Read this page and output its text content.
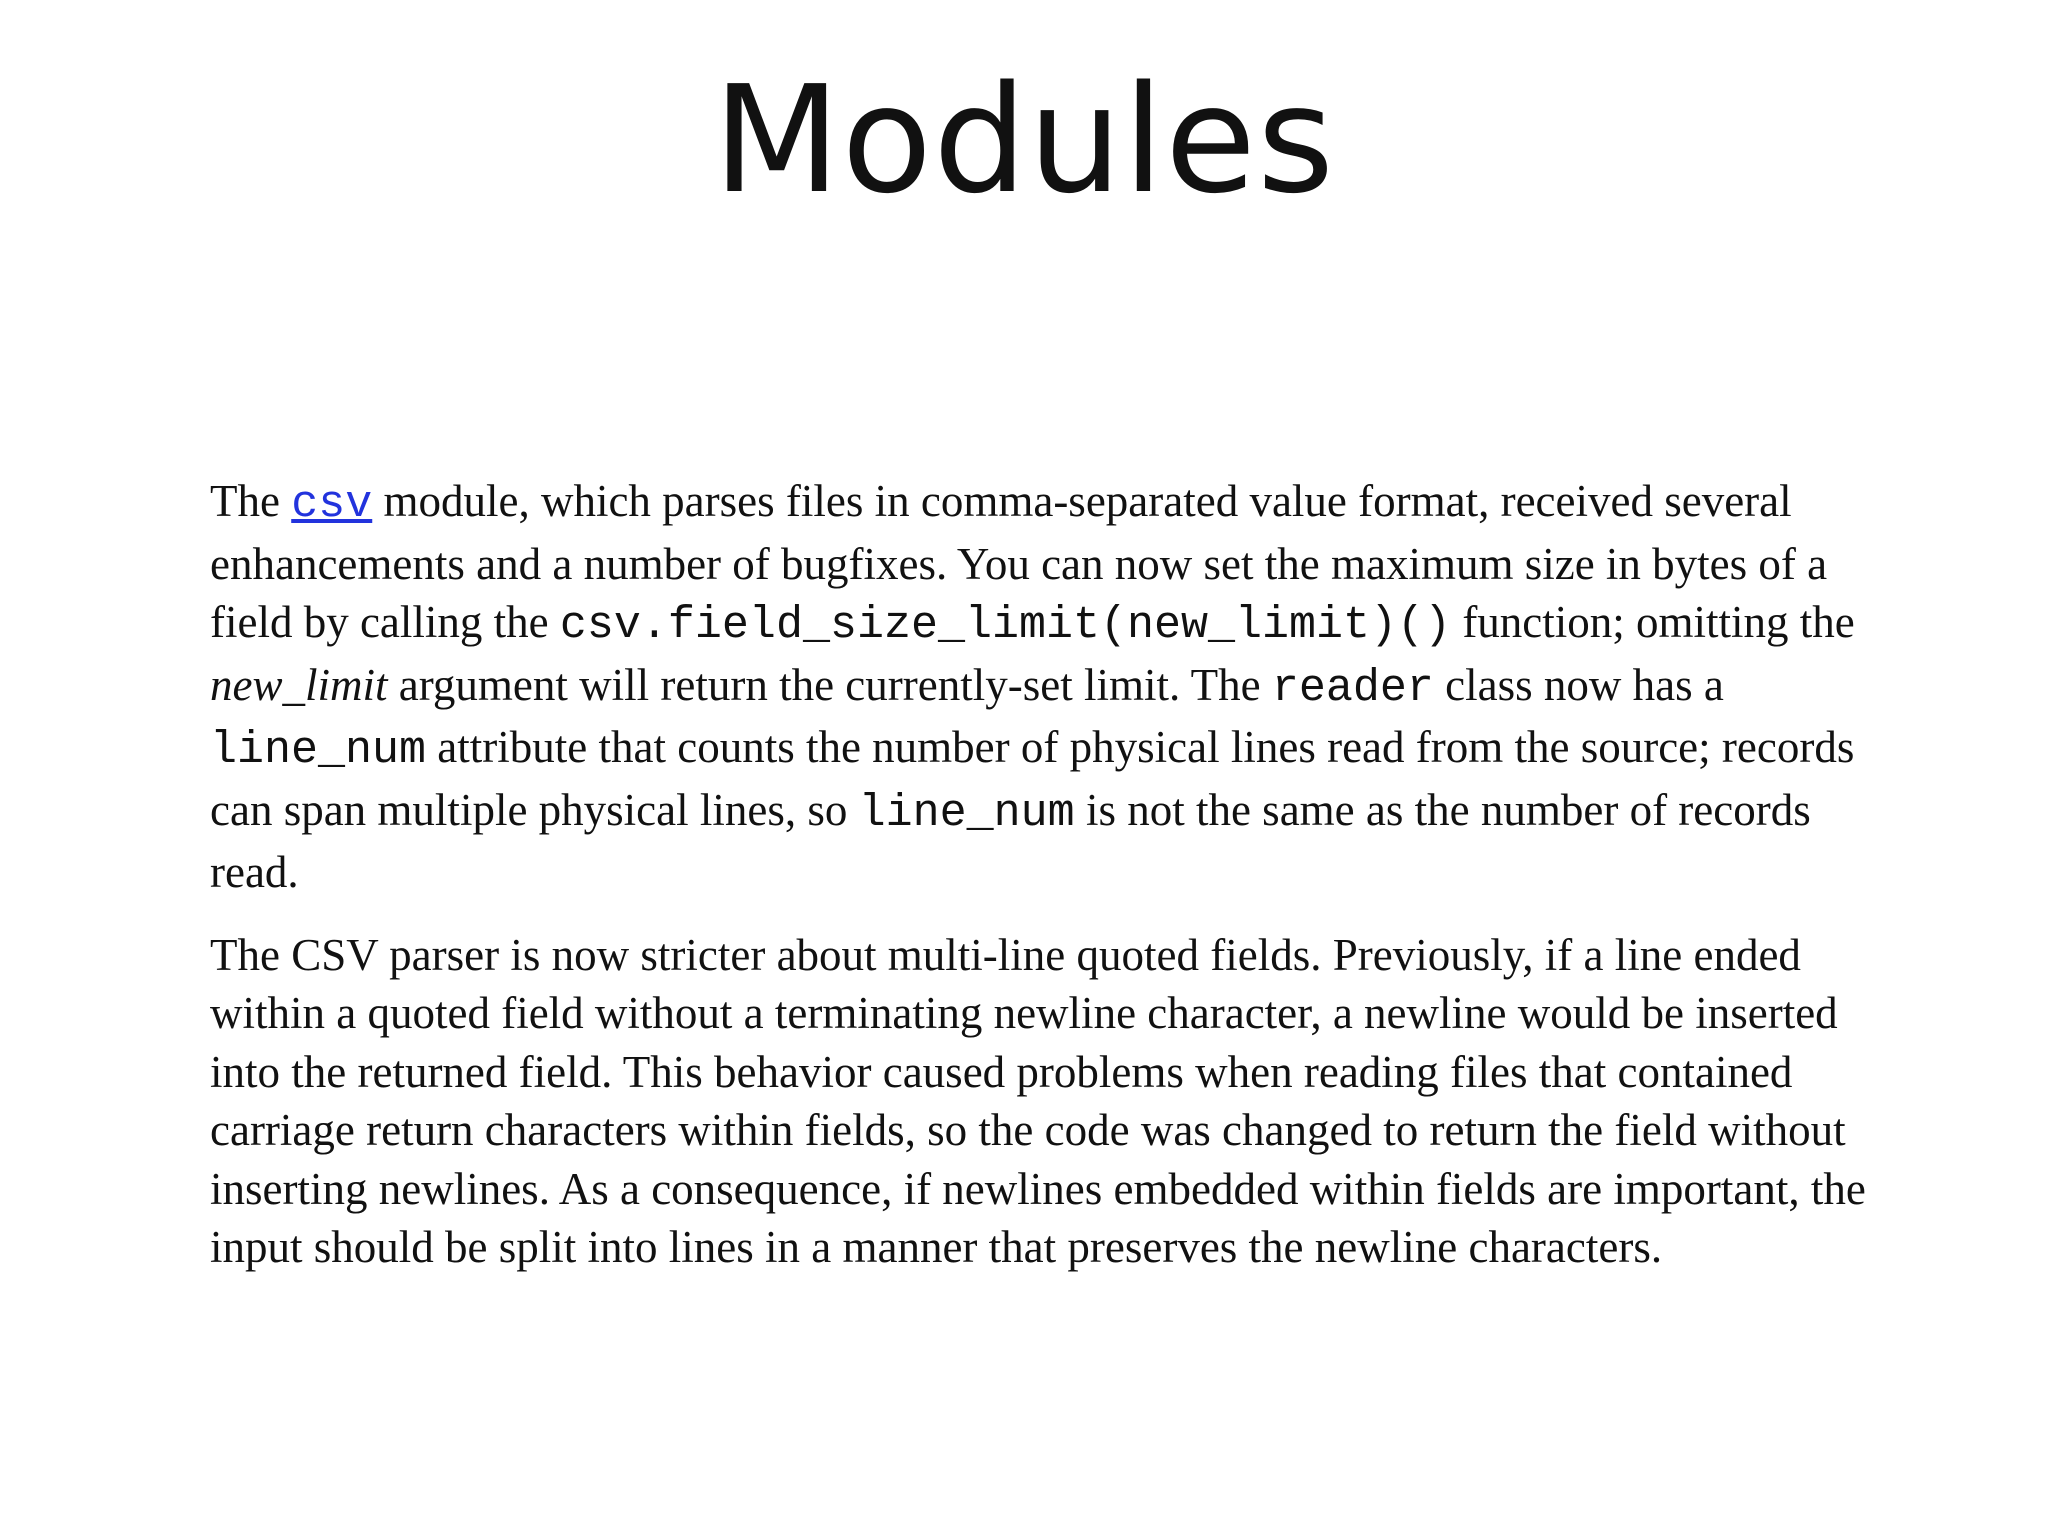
Modules

The csv module, which parses files in comma-separated value format, received several enhancements and a number of bugfixes. You can now set the maximum size in bytes of a field by calling the csv.field_size_limit(new_limit)() function; omitting the new_limit argument will return the currently-set limit. The reader class now has a line_num attribute that counts the number of physical lines read from the source; records can span multiple physical lines, so line_num is not the same as the number of records read.

The CSV parser is now stricter about multi-line quoted fields. Previously, if a line ended within a quoted field without a terminating newline character, a newline would be inserted into the returned field. This behavior caused problems when reading files that contained carriage return characters within fields, so the code was changed to return the field without inserting newlines. As a consequence, if newlines embedded within fields are important, the input should be split into lines in a manner that preserves the newline characters.
